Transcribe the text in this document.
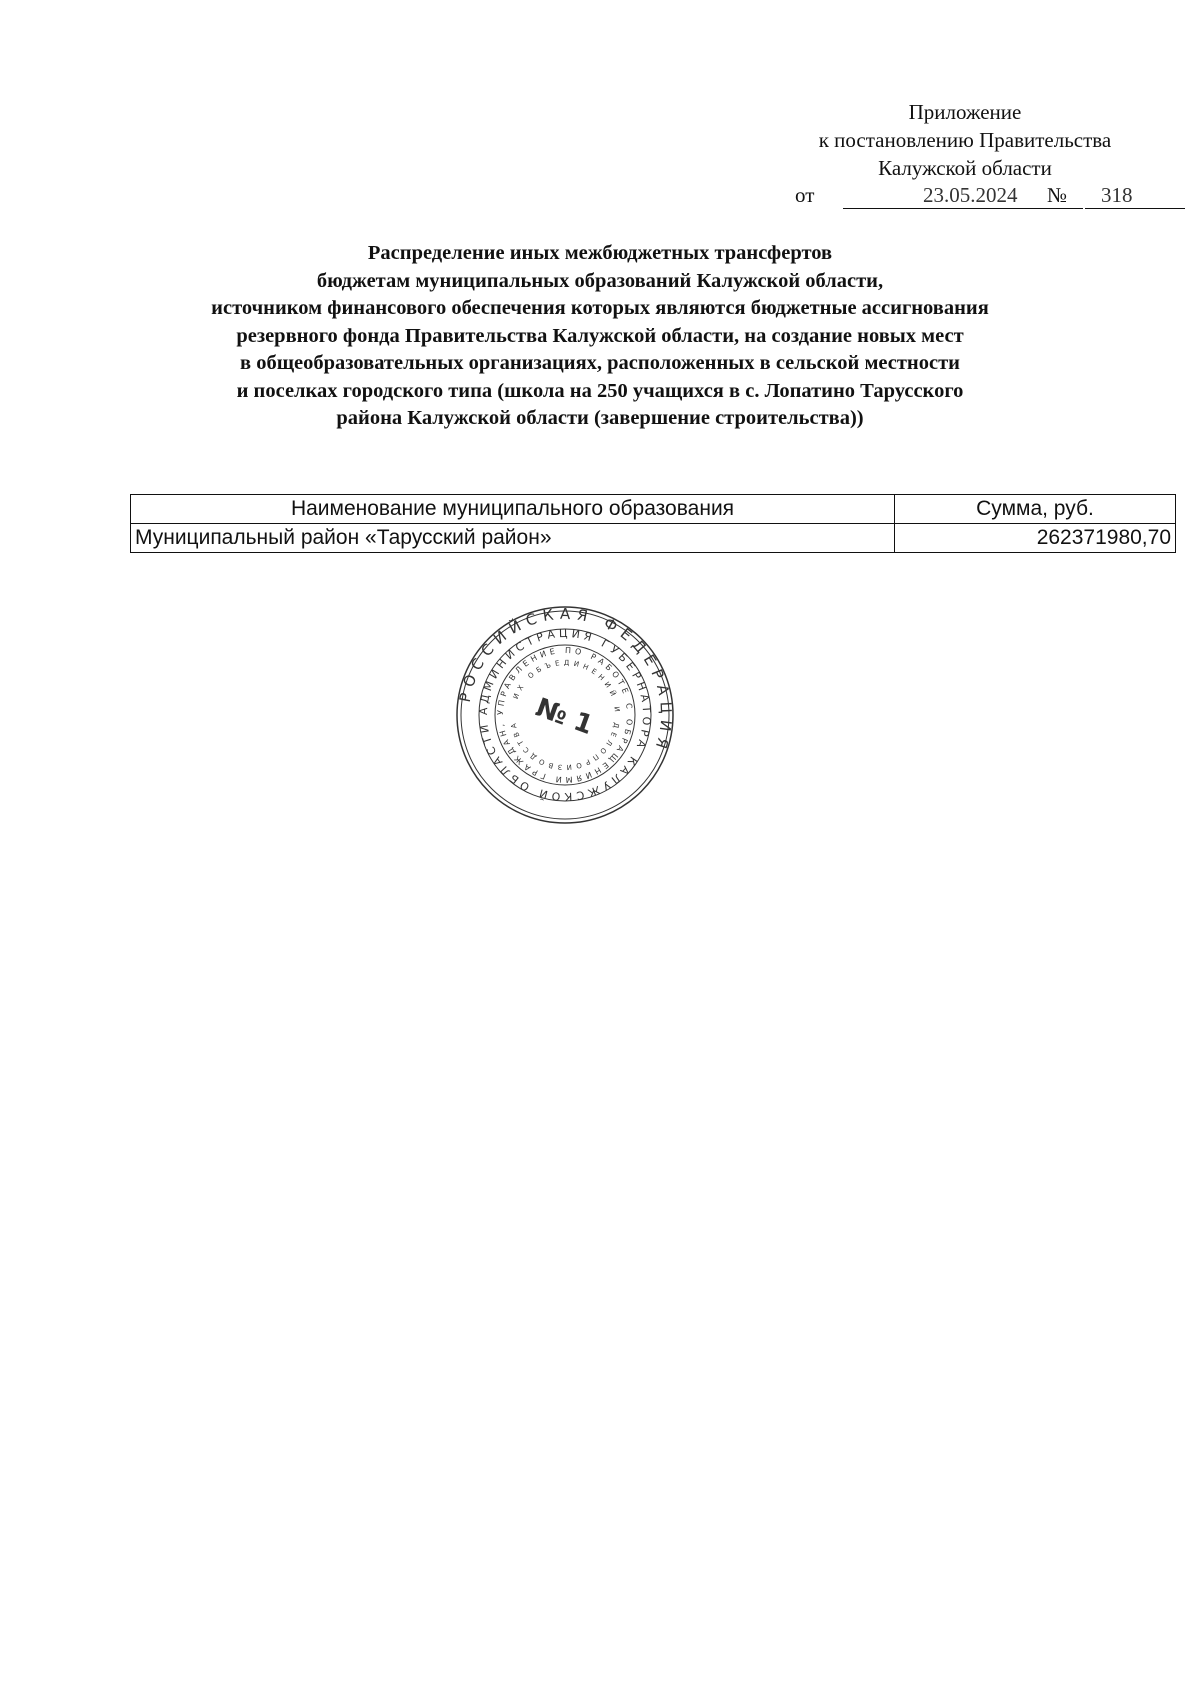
Приложение
к постановлению Правительства
Калужской области
от	23.05.2024 № 318
Распределение иных межбюджетных трансфертов
бюджетам муниципальных образований Калужской области,
источником финансового обеспечения которых являются бюджетные ассигнования
резервного фонда Правительства Калужской области, на создание новых мест
в общеобразовательных организациях, расположенных в сельской местности
и поселках городского типа (школа на 250 учащихся в с. Лопатино Тарусского
района Калужской области (завершение строительства))
Наименование муниципального образования	Сумма, руб.
Муниципальный район «Тарусский район»	262371980,70
РОССИЙСКАЯ ФЕДЕРАЦИЯ
АДМИНИСТРАЦИЯ ГУБЕРНАТОРА КАЛУЖСКОЙ ОБЛАСТИ
УПРАВЛЕНИЕ ПО РАБОТЕ С ОБРАЩЕНИЯМИ ГРАЖДАН,
ИХ ОБЪЕДИНЕНИЙ И ДЕЛОПРОИЗВОДСТВА № 1
